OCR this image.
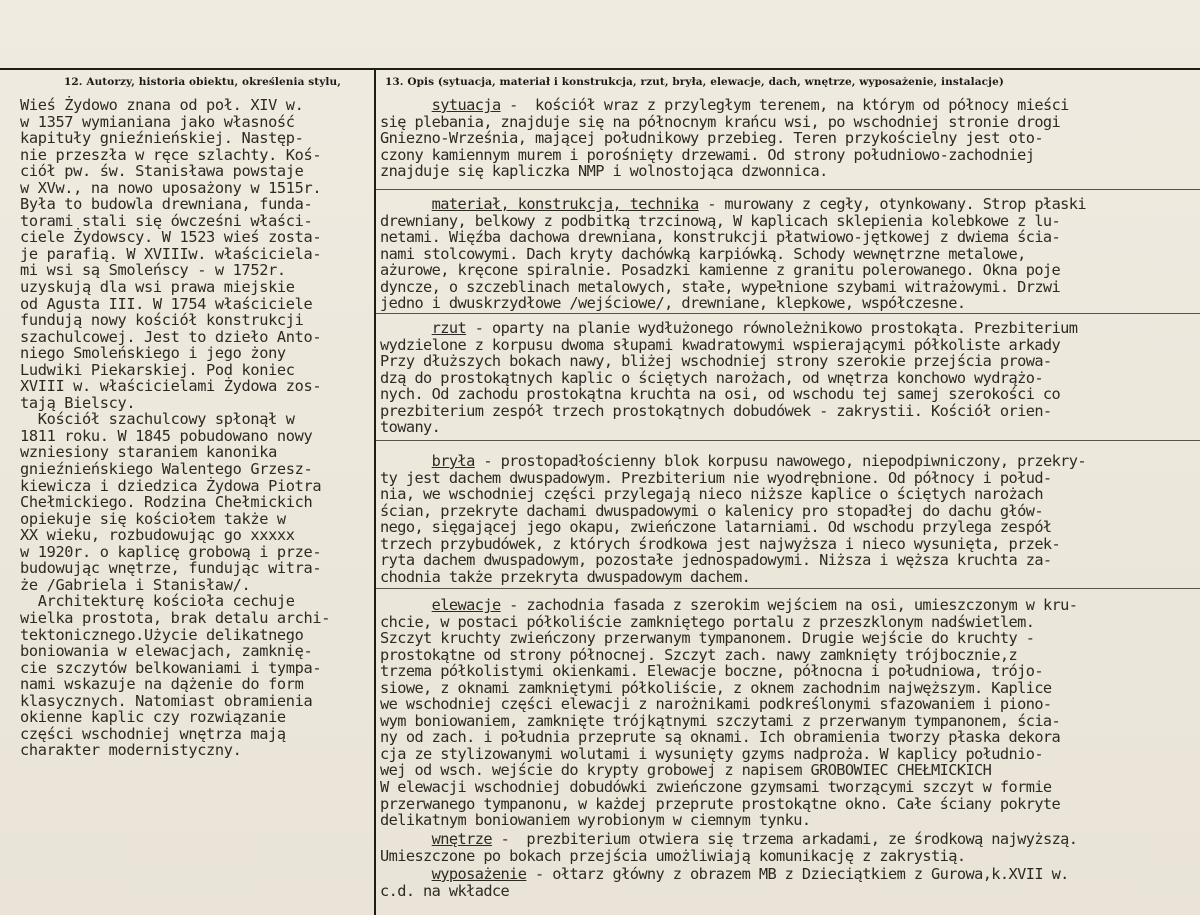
12. Autorzy, historia obiektu, określenia stylu,	13. Opis (sytuacja, materiał i konstrukcja, rzut, bryła, elewacje, dach, wnętrze, wyposażenie, instalacje)
Wieś Żydowo znana od poł. XIV w.
w 1357 wymianiana jako własność
kapituły gnieźnieńskiej. Następ-
nie przeszła w ręce szlachty. Koś-
ciół pw. św. Stanisława powstaje
w XVw., na nowo uposażony w 1515r.
Była to budowla drewniana, funda-
torami stali się ówcześni właści-
ciele Żydowscy. W 1523 wieś zosta-
je parafią. W XVIIIw. właściciela-
mi wsi są Smoleńscy - w 1752r.
uzyskują dla wsi prawa miejskie
od Agusta III. W 1754 właściciele
fundują nowy kościół konstrukcji
szachulcowej. Jest to dzieło Anto-
niego Smoleńskiego i jego żony
Ludwiki Piekarskiej. Pod koniec
XVIII w. właścicielami Żydowa zos-
tają Bielscy.
Kościół szachulcowy spłonął w
1811 roku. W 1845 pobudowano nowy
wzniesiony staraniem kanonika
gnieźnieńskiego Walentego Grzesz-
kiewicza i dziedzica Żydowa Piotra
Chełmickiego. Rodzina Chełmickich
opiekuje się kościołem także w
XX wieku, rozbudowując go xxxxx
w 1920r. o kaplicę grobową i prze-
budowując wnętrze, fundując witra-
że /Gabriela i Stanisław/.
Architekturę kościoła cechuje
wielka prostota, brak detalu archi-
tektonicznego.Użycie delikatnego
boniowania w elewacjach, zamknię-
cie szczytów belkowaniami i tympa-
nami wskazuje na dążenie do form
klasycznych. Natomiast obramienia
okienne kaplic czy rozwiązanie
części wschodniej wnętrza mają
charakter modernistyczny.
sytuacja -  kościół wraz z przyległym terenem, na którym od północy mieści
się plebania, znajduje się na północnym krańcu wsi, po wschodniej stronie drogi
Gniezno-Września, mającej południkowy przebieg. Teren przykościelny jest oto-
czony kamiennym murem i porośnięty drzewami. Od strony południowo-zachodniej
znajduje się kapliczka NMP i wolnostojąca dzwonnica.
materiał, konstrukcja, technika - murowany z cegły, otynkowany. Strop płaski
drewniany, belkowy z podbitką trzcinową, W kaplicach sklepienia kolebkowe z lu-
netami. Więźba dachowa drewniana, konstrukcji płatwiowo-jętkowej z dwiema ścia-
nami stolcowymi. Dach kryty dachówką karpiówką. Schody wewnętrzne metalowe,
ażurowe, kręcone spiralnie. Posadzki kamienne z granitu polerowanego. Okna poje
dyncze, o szczeblinach metalowych, stałe, wypełnione szybami witrażowymi. Drzwi
jedno i dwuskrzydłowe /wejściowe/, drewniane, klepkowe, współczesne.
rzut - oparty na planie wydłużonego równoleżnikowo prostokąta. Prezbiterium
wydzielone z korpusu dwoma słupami kwadratowymi wspierającymi półkoliste arkady
Przy dłuższych bokach nawy, bliżej wschodniej strony szerokie przejścia prowa-
dzą do prostokątnych kaplic o ściętych narożach, od wnętrza konchowo wydrążo-
nych. Od zachodu prostokątna kruchta na osi, od wschodu tej samej szerokości co
prezbiterium zespół trzech prostokątnych dobudówek - zakrystii. Kościół orien-
towany.
bryła - prostopadłościenny blok korpusu nawowego, niepodpiwniczony, przekry-
ty jest dachem dwuspadowym. Prezbiterium nie wyodrębnione. Od północy i połud-
nia, we wschodniej części przylegają nieco niższe kaplice o ściętych narożach
ścian, przekryte dachami dwuspadowymi o kalenicy pro stopadłej do dachu głów-
nego, sięgającej jego okapu, zwieńczone latarniami. Od wschodu przylega zespół
trzech przybudówek, z których środkowa jest najwyższa i nieco wysunięta, przek-
ryta dachem dwuspadowym, pozostałe jednospadowymi. Niższa i węższa kruchta za-
chodnia także przekryta dwuspadowym dachem.
elewacje - zachodnia fasada z szerokim wejściem na osi, umieszczonym w kru-
chcie, w postaci półkoliście zamkniętego portalu z przeszklonym nadświetlem.
Szczyt kruchty zwieńczony przerwanym tympanonem. Drugie wejście do kruchty -
prostokątne od strony północnej. Szczyt zach. nawy zamknięty trójbocznie,z
trzema półkolistymi okienkami. Elewacje boczne, północna i południowa, trójo-
siowe, z oknami zamkniętymi półkoliście, z oknem zachodnim najwęższym. Kaplice
we wschodniej części elewacji z narożnikami podkreślonymi sfazowaniem i piono-
wym boniowaniem, zamknięte trójkątnymi szczytami z przerwanym tympanonem, ścia-
ny od zach. i południa przeprute są oknami. Ich obramienia tworzy płaska dekora
cja ze stylizowanymi wolutami i wysunięty gzyms nadproża. W kaplicy południo-
wej od wsch. wejście do krypty grobowej z napisem GROBOWIEC CHEŁMICKICH
W elewacji wschodniej dobudówki zwieńczone gzymsami tworzącymi szczyt w formie
przerwanego tympanonu, w każdej przeprute prostokątne okno. Całe ściany pokryte
delikatnym boniowaniem wyrobionym w ciemnym tynku.
wnętrze -  prezbiterium otwiera się trzema arkadami, ze środkową najwyższą.
Umieszczone po bokach przejścia umożliwiają komunikację z zakrystią.
wyposażenie - ołtarz główny z obrazem MB z Dzieciątkiem z Gurowa,k.XVII w.
c.d. na wkładce
